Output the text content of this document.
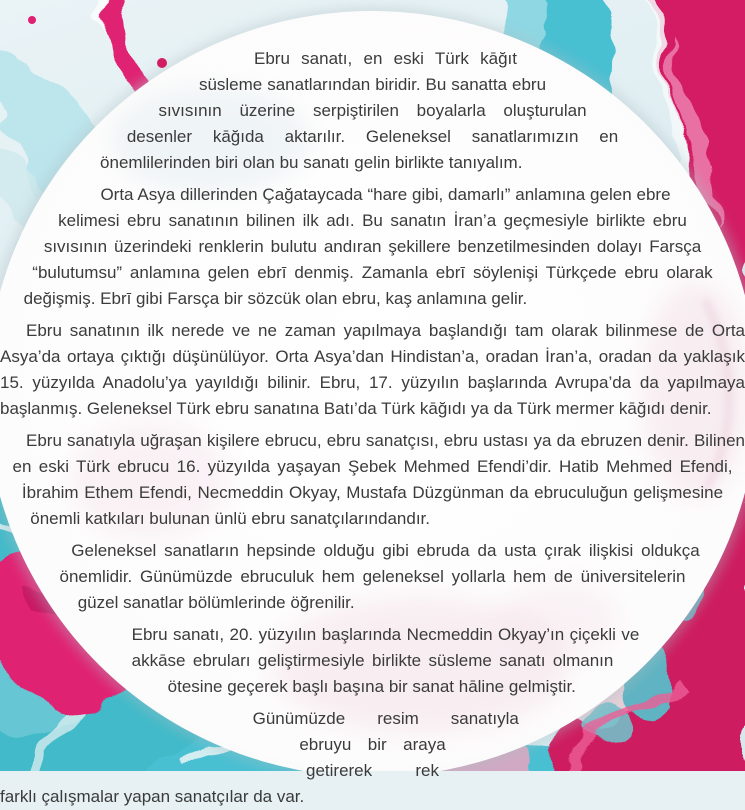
Ebru sanatı, en eski Türk kāğıt süsleme sanatlarından biridir. Bu sanatta ebru sıvısının üzerine serpiştirilen boyalarla oluşturulan desenler kāğıda aktarılır. Geleneksel sanatlarımızın en önemlilerinden biri olan bu sanatı gelin birlikte tanıyalım.

Orta Asya dillerinden Çağataycada “hare gibi, damarlı” anlamına gelen ebre kelimesi ebru sanatının bilinen ilk adı. Bu sanatın İran’a geçmesiyle birlikte ebru sıvısının üzerindeki renklerin bulutu andıran şekillere benzetilmesinden dolayı Farsça “bulutumsu” anlamına gelen ebrī denmiş. Zamanla ebrī söylenişi Türkçede ebru olarak değişmiş. Ebrī gibi Farsça bir sözcük olan ebru, kaş anlamına gelir.

Ebru sanatının ilk nerede ve ne zaman yapılmaya başlandığı tam olarak bilinmese de Orta Asya’da ortaya çıktığı düşünülüyor. Orta Asya’dan Hindistan’a, oradan İran’a, oradan da yaklaşık 15. yüzyılda Anadolu’ya yayıldığı bilinir. Ebru, 17. yüzyılın başlarında Avrupa’da da yapılmaya başlanmış. Geleneksel Türk ebru sanatına Batı’da Türk kāğıdı ya da Türk mermer kāğıdı denir.

Ebru sanatıyla uğraşan kişilere ebrucu, ebru sanatçısı, ebru ustası ya da ebruzen denir. Bilinen en eski Türk ebrucu 16. yüzyılda yaşayan Şebek Mehmed Efendi’dir. Hatib Mehmed Efendi, İbrahim Ethem Efendi, Necmeddin Okyay, Mustafa Düzgünman da ebruculuğun gelişmesine önemli katkıları bulunan ünlü ebru sanatçılarındandır.

Geleneksel sanatların hepsinde olduğu gibi ebruda da usta çırak ilişkisi oldukça önemlidir. Günümüzde ebruculuk hem geleneksel yollarla hem de üniversitelerin güzel sanatlar bölümlerinde öğrenilir.

Ebru sanatı, 20. yüzyılın başlarında Necmeddin Okyay’ın çiçekli ve akkāse ebruları geliştirmesiyle birlikte süsleme sanatı olmanın ötesine geçerek başlı başına bir sanat hāline gelmiştir.

Günümüzde resim sanatıyla ebruyu bir araya getirerek rek farklı çalışmalar yapan sanatçılar da var.
